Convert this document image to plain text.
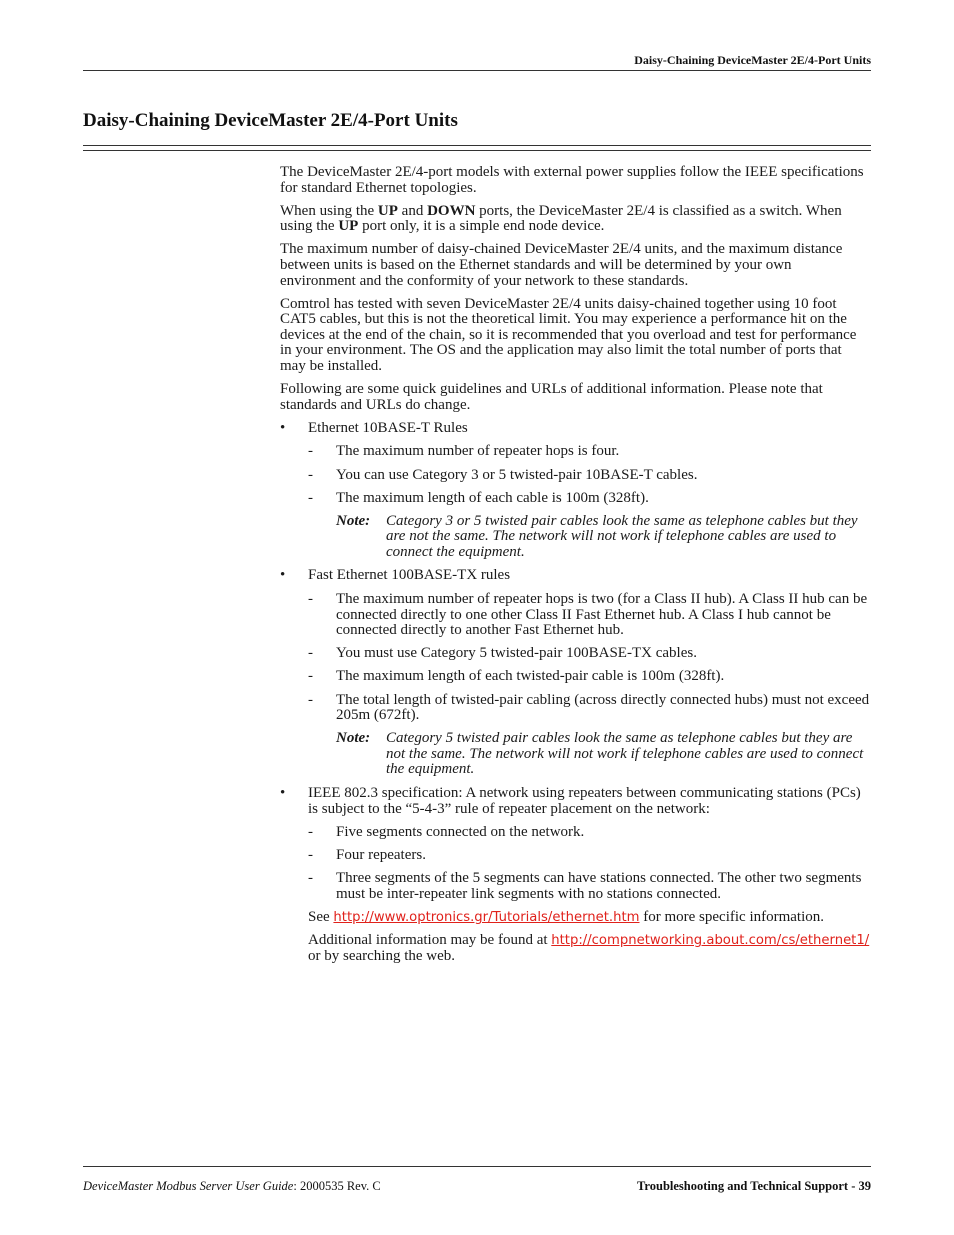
Daisy-Chaining DeviceMaster 2E/4-Port Units
Daisy-Chaining DeviceMaster 2E/4-Port Units

The DeviceMaster 2E/4-port models with external power supplies follow the IEEE specifications for standard Ethernet topologies.

When using the UP and DOWN ports, the DeviceMaster 2E/4 is classified as a switch. When using the UP port only, it is a simple end node device.

The maximum number of daisy-chained DeviceMaster 2E/4 units, and the maximum distance between units is based on the Ethernet standards and will be determined by your own environment and the conformity of your network to these standards.

Comtrol has tested with seven DeviceMaster 2E/4 units daisy-chained together using 10 foot CAT5 cables, but this is not the theoretical limit. You may experience a performance hit on the devices at the end of the chain, so it is recommended that you overload and test for performance in your environment. The OS and the application may also limit the total number of ports that may be installed.

Following are some quick guidelines and URLs of additional information. Please note that standards and URLs do change.

• Ethernet 10BASE-T Rules
- The maximum number of repeater hops is four.
- You can use Category 3 or 5 twisted-pair 10BASE-T cables.
- The maximum length of each cable is 100m (328ft).
Note:	Category 3 or 5 twisted pair cables look the same as telephone cables but they are not the same. The network will not work if telephone cables are used to connect the equipment.
• Fast Ethernet 100BASE-TX rules
- The maximum number of repeater hops is two (for a Class II hub). A Class II hub can be connected directly to one other Class II Fast Ethernet hub. A Class I hub cannot be connected directly to another Fast Ethernet hub.
- You must use Category 5 twisted-pair 100BASE-TX cables.
- The maximum length of each twisted-pair cable is 100m (328ft).
- The total length of twisted-pair cabling (across directly connected hubs) must not exceed 205m (672ft).
Note:	Category 5 twisted pair cables look the same as telephone cables but they are not the same. The network will not work if telephone cables are used to connect the equipment.
• IEEE 802.3 specification: A network using repeaters between communicating stations (PCs) is subject to the “5-4-3” rule of repeater placement on the network:
- Five segments connected on the network.
- Four repeaters.
- Three segments of the 5 segments can have stations connected. The other two segments must be inter-repeater link segments with no stations connected.

See http://www.optronics.gr/Tutorials/ethernet.htm for more specific information.

Additional information may be found at http://compnetworking.about.com/cs/ethernet1/ or by searching the web.

DeviceMaster Modbus Server User Guide: 2000535 Rev. C	Troubleshooting and Technical Support - 39
